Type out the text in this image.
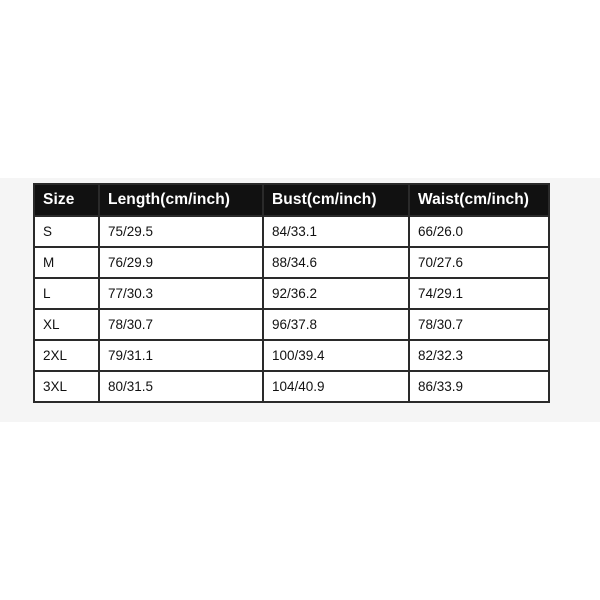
Size	Length(cm/inch)	Bust(cm/inch)	Waist(cm/inch)
S	75/29.5	84/33.1	66/26.0
M	76/29.9	88/34.6	70/27.6
L	77/30.3	92/36.2	74/29.1
XL	78/30.7	96/37.8	78/30.7
2XL	79/31.1	100/39.4	82/32.3
3XL	80/31.5	104/40.9	86/33.9
